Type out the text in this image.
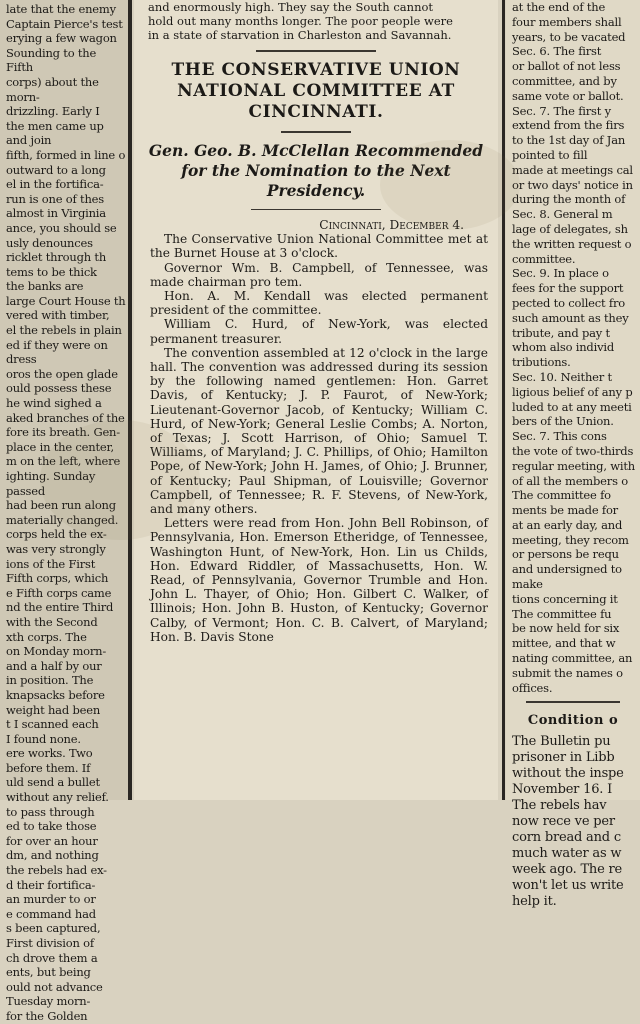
late that the enemy
Captain Pierce's test
erying a few wagon
Sounding to the Fifth
corps) about the morn-
drizzling. Early I
the men came up and join
fifth, formed in line o
outward to a long
el in the fortifica-
run is one of thes
almost in Virginia
ance, you should se
usly denounces
ricklet through th
tems to be thick
the banks are
large Court House th
vered with timber,
el the rebels in plain
ed if they were on dress
oros the open glade
ould possess these
he wind sighed a
aked branches of the
fore its breath. Gen-
place in the center,
m on the left, where
ighting. Sunday passed
had been run along
materially changed.
corps held the ex-
was very strongly
ions of the First
Fifth corps, which
e Fifth corps came
nd the entire Third
with the Second
xth corps. The
on Monday morn-
and a half by our
in position. The
knapsacks before
weight had been
t I scanned each
I found none.
ere works. Two
before them. If
uld send a bullet
without any relief.
to pass through
ed to take those
for over an hour
dm, and nothing
the rebels had ex-
d their fortifica-
an murder to or
e command had
s been captured,
First division of
ch drove them a
ents, but being
ould not advance
Tuesday morn-
for the Golden
and enormously high. They say the South cannot
hold out many months longer. The poor people were
in a state of starvation in Charleston and Savannah.
THE CONSERVATIVE UNION NATIONAL COMMITTEE AT CINCINNATI.
Gen. Geo. B. McClellan Recommended for the Nomination to the Next Presidency.

Cincinnati, December 4.

The Conservative Union National Committee met at the Burnet House at 3 o'clock.

Governor Wm. B. Campbell, of Tennessee, was made chairman pro tem.

Hon. A. M. Kendall was elected permanent president of the committee.

William C. Hurd, of New-York, was elected permanent treasurer.

The convention assembled at 12 o'clock in the large hall. The convention was addressed during its session by the following named gentlemen: Hon. Garret Davis, of Kentucky; J. P. Faurot, of New-York; Lieutenant-Governor Jacob, of Kentucky; William C. Hurd, of New-York; General Leslie Combs; A. Norton, of Texas; J. Scott Harrison, of Ohio; Samuel T. Williams, of Maryland; J. C. Phillips, of Ohio; Hamilton Pope, of New-York; John H. James, of Ohio; J. Brunner, of Kentucky; Paul Shipman, of Louisville; Governor Campbell, of Tennessee; R. F. Stevens, of New-York, and many others.

Letters were read from Hon. John Bell Robinson, of Pennsylvania, Hon. Emerson Etheridge, of Tennessee, Washington Hunt, of New-York, Hon. Lin us Childs, Hon. Edward Riddler, of Massachusetts, Hon. W. Read, of Pennsylvania, Governor Trumble and Hon. John L. Thayer, of Ohio; Hon. Gilbert C. Walker, of Illinois; Hon. John B. Huston, of Kentucky; Governor Calby, of Vermont; Hon. C. B. Calvert, of Maryland; Hon. B. Davis Stone

at the end of the
four members shall
years, to be vacated
Sec. 6. The first
or ballot of not less
committee, and by
same vote or ballot.
Sec. 7. The first y
extend from the firs
to the 1st day of Jan
pointed to fill
made at meetings cal
or two days' notice in
during the month of
Sec. 8. General m
lage of delegates, sh
the written request o
committee.
Sec. 9. In place o
fees for the support
pected to collect fro
such amount as they
tribute, and pay t
whom also individ
tributions.
Sec. 10. Neither t
ligious belief of any p
luded to at any meeti
bers of the Union.
Sec. 7. This cons
the vote of two-thirds
regular meeting, with
of all the members o
The committee fo
ments be made for
at an early day, and
meeting, they recom
or persons be requ
and undersigned to make
tions concerning it
The committee fu
be now held for six
mittee, and that w
nating committee, an
submit the names o
offices.
Condition o
The Bulletin pu
prisoner in Libb
without the inspe
November 16. I
The rebels hav
now rece ve per
corn bread and c
much water as w
week ago. The re
won't let us write
help it.
